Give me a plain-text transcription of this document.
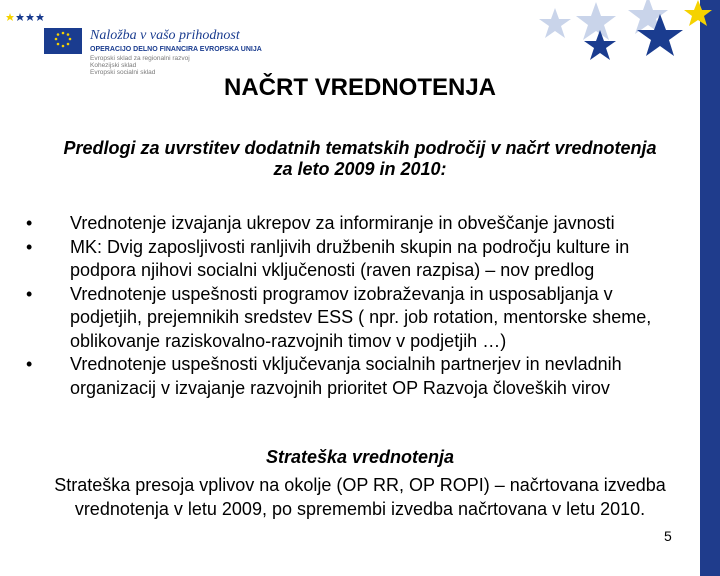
Naložba v vašo prihodnost
OPERACIJO DELNO FINANCIRA EVROPSKA UNIJA
Evropski sklad za regionalni razvoj
Kohezijski sklad
Evropski socialni sklad
NAČRT VREDNOTENJA
Predlogi za uvrstitev dodatnih tematskih področij v načrt vrednotenja za leto 2009 in 2010:
• Vrednotenje izvajanja ukrepov za informiranje in obveščanje javnosti
• MK: Dvig zaposljivosti ranljivih družbenih skupin na področju kulture in podpora njihovi socialni vključenosti (raven razpisa) – nov predlog
• Vrednotenje uspešnosti programov izobraževanja in usposabljanja v podjetjih, prejemnikih sredstev ESS ( npr. job rotation, mentorske sheme, oblikovanje raziskovalno-razvojnih timov v podjetjih …)
• Vrednotenje uspešnosti vključevanja socialnih partnerjev in nevladnih organizacij v izvajanje razvojnih prioritet OP Razvoja človeških virov
Strateška vrednotenja
Strateška presoja vplivov na okolje (OP RR, OP ROPI) – načrtovana izvedba vrednotenja v letu 2009, po spremembi izvedba načrtovana v letu 2010.
5
